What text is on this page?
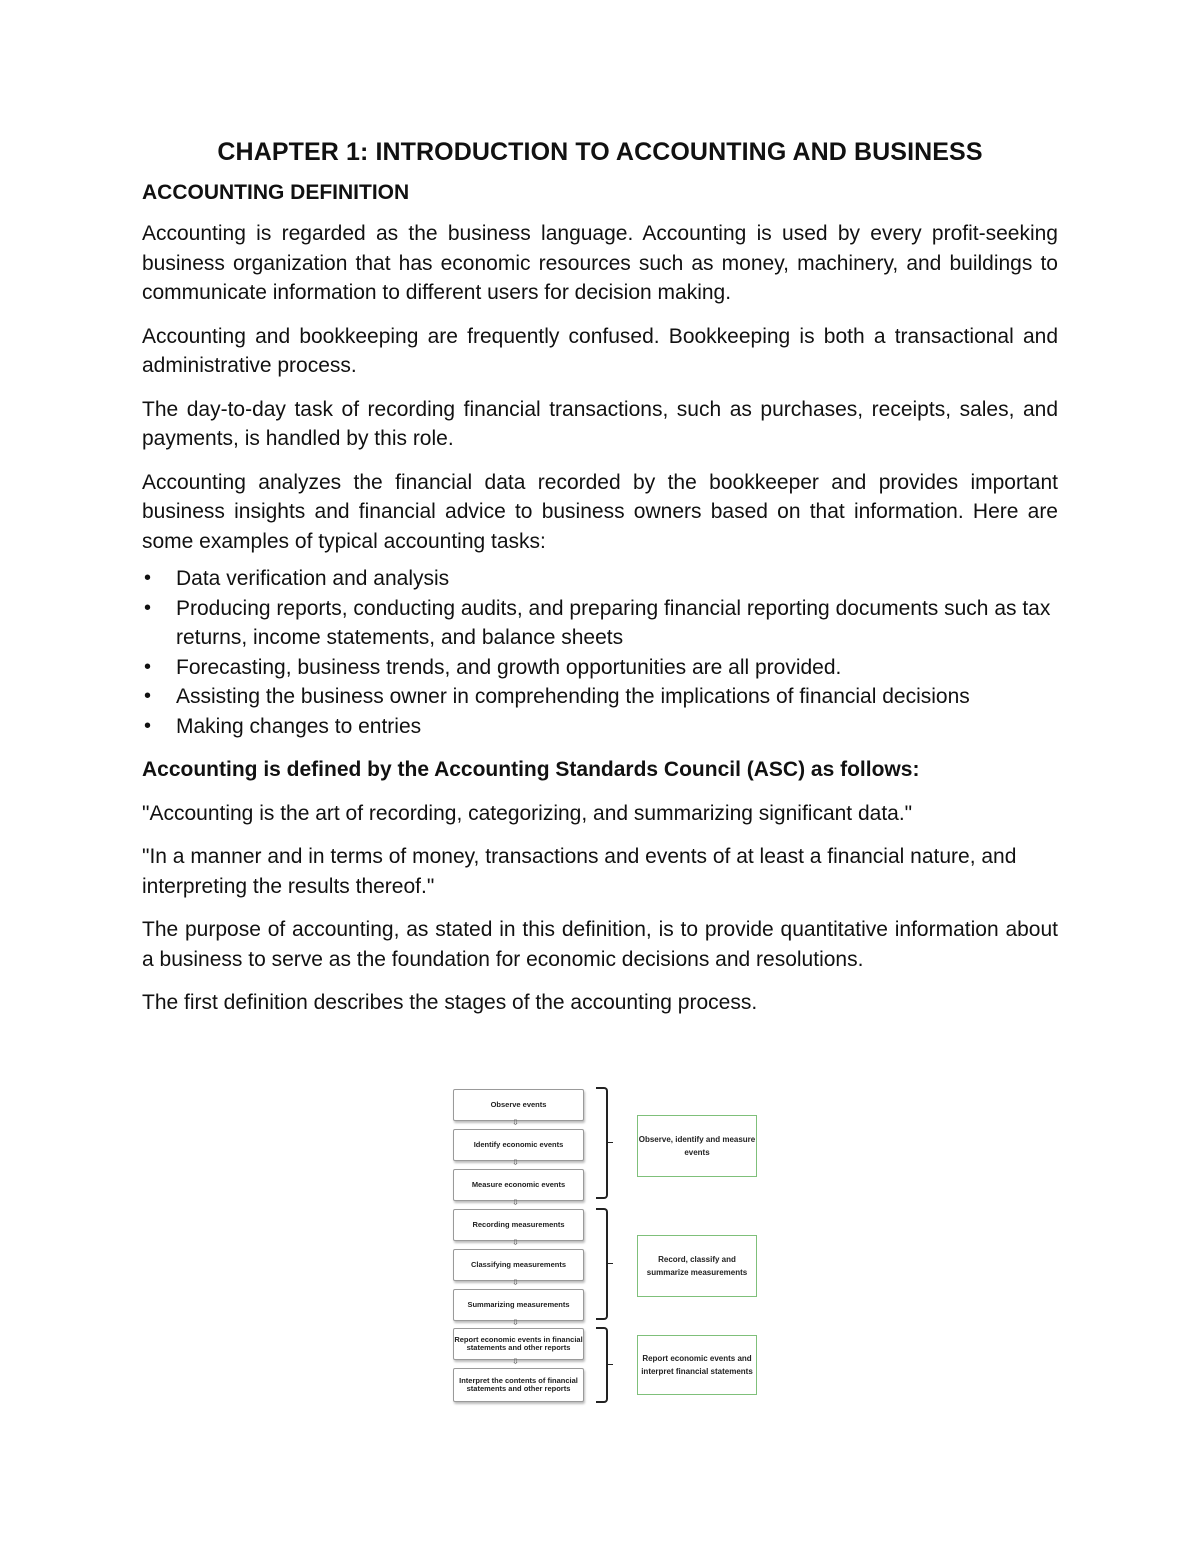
CHAPTER 1: INTRODUCTION TO ACCOUNTING AND BUSINESS
ACCOUNTING DEFINITION

Accounting is regarded as the business language. Accounting is used by every profit-seeking business organization that has economic resources such as money, machinery, and buildings to communicate information to different users for decision making.

Accounting and bookkeeping are frequently confused. Bookkeeping is both a transactional and administrative process.

The day-to-day task of recording financial transactions, such as purchases, receipts, sales, and payments, is handled by this role.

Accounting analyzes the financial data recorded by the bookkeeper and provides important business insights and financial advice to business owners based on that information. Here are some examples of typical accounting tasks:

• Data verification and analysis
• Producing reports, conducting audits, and preparing financial reporting documents such as tax returns, income statements, and balance sheets
• Forecasting, business trends, and growth opportunities are all provided.
• Assisting the business owner in comprehending the implications of financial decisions
• Making changes to entries

Accounting is defined by the Accounting Standards Council (ASC) as follows:

"Accounting is the art of recording, categorizing, and summarizing significant data."

"In a manner and in terms of money, transactions and events of at least a financial nature, and interpreting the results thereof."

The purpose of accounting, as stated in this definition, is to provide quantitative information about a business to serve as the foundation for economic decisions and resolutions.

The first definition describes the stages of the accounting process.

Observe events
⇩
Identify economic events
⇩
Measure economic events
⇩
Recording measurements
⇩
Classifying measurements
⇩
Summarizing measurements
⇩
Report economic events in financial statements and other reports
⇩
Interpret the contents of financial statements and other reports
Observe, identify and measure events
Record, classify and summarize measurements
Report economic events and interpret financial statements
